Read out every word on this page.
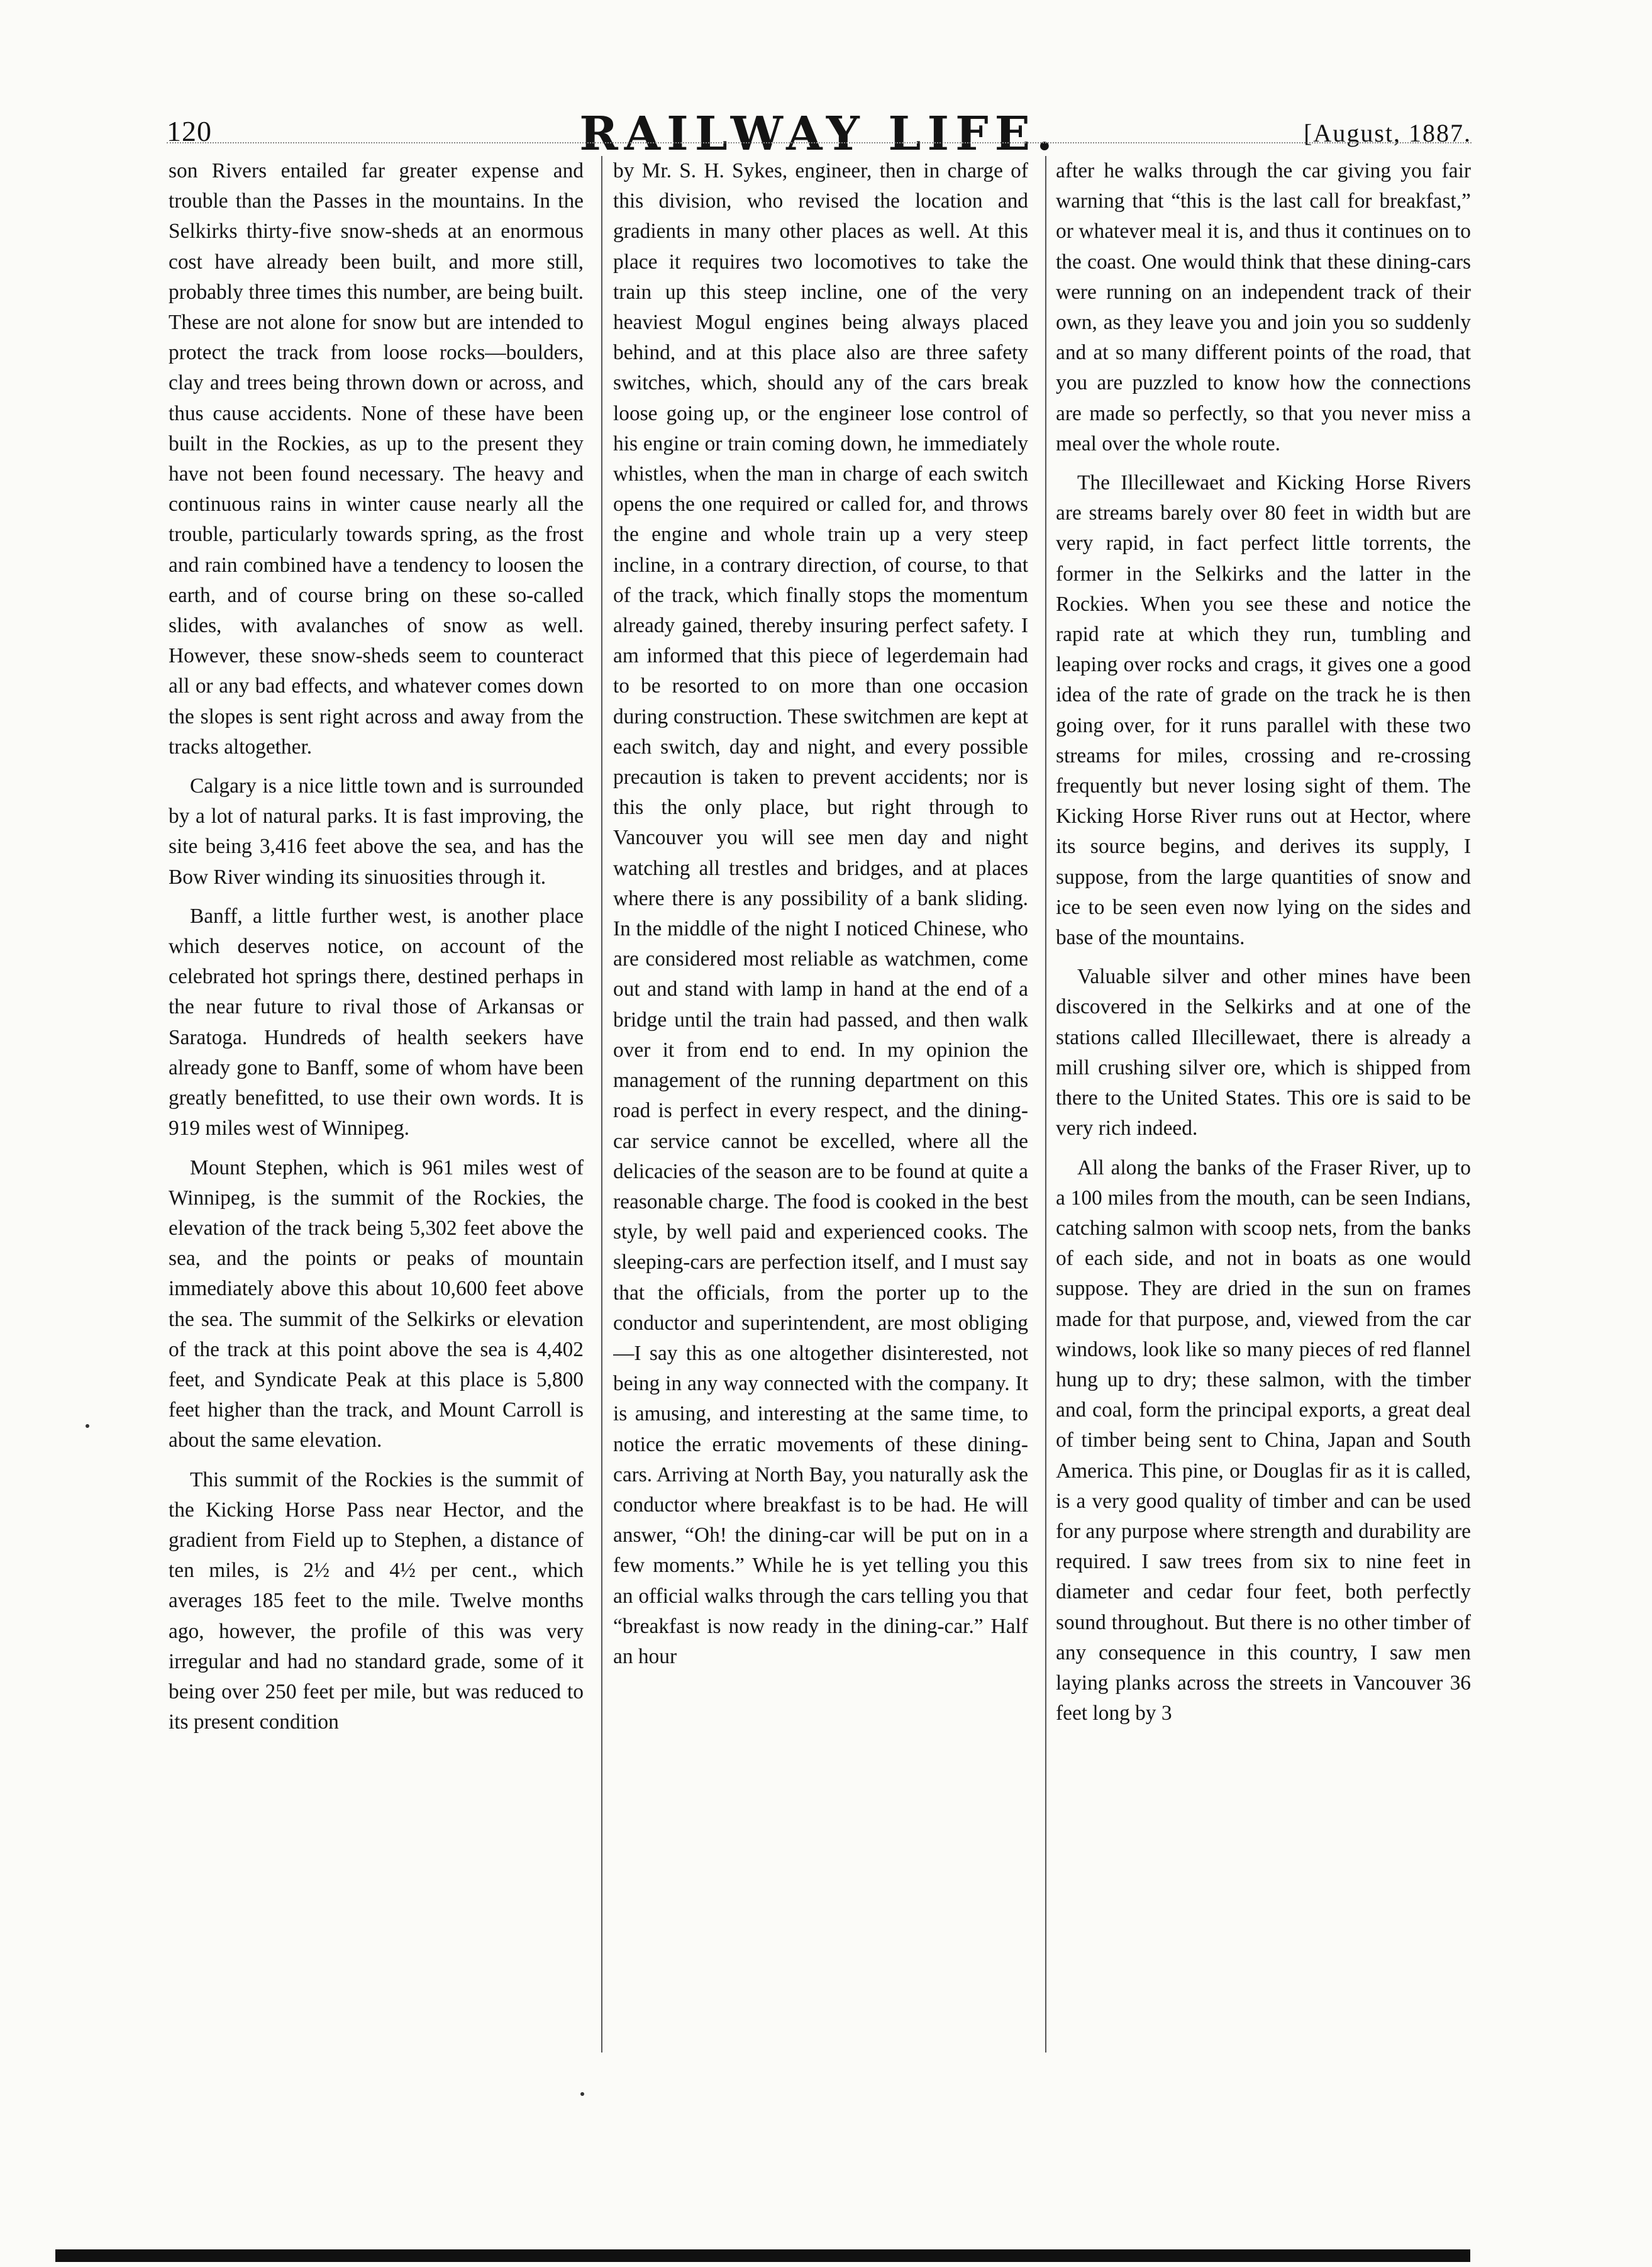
120	RAILWAY LIFE.	[August, 1887.

son Rivers entailed far greater expense and trouble than the Passes in the mountains. In the Selkirks thirty-five snow-sheds at an enormous cost have already been built, and more still, probably three times this number, are being built. These are not alone for snow but are intended to protect the track from loose rocks—boulders, clay and trees being thrown down or across, and thus cause accidents. None of these have been built in the Rockies, as up to the present they have not been found necessary. The heavy and continuous rains in winter cause nearly all the trouble, particularly towards spring, as the frost and rain combined have a tendency to loosen the earth, and of course bring on these so-called slides, with avalanches of snow as well. However, these snow-sheds seem to counteract all or any bad effects, and whatever comes down the slopes is sent right across and away from the tracks altogether.

Calgary is a nice little town and is surrounded by a lot of natural parks. It is fast improving, the site being 3,416 feet above the sea, and has the Bow River winding its sinuosities through it.

Banff, a little further west, is another place which deserves notice, on account of the celebrated hot springs there, destined perhaps in the near future to rival those of Arkansas or Saratoga. Hundreds of health seekers have already gone to Banff, some of whom have been greatly benefitted, to use their own words. It is 919 miles west of Winnipeg.

Mount Stephen, which is 961 miles west of Winnipeg, is the summit of the Rockies, the elevation of the track being 5,302 feet above the sea, and the points or peaks of mountain immediately above this about 10,600 feet above the sea. The summit of the Selkirks or elevation of the track at this point above the sea is 4,402 feet, and Syndicate Peak at this place is 5,800 feet higher than the track, and Mount Carroll is about the same elevation.

This summit of the Rockies is the summit of the Kicking Horse Pass near Hector, and the gradient from Field up to Stephen, a distance of ten miles, is 2½ and 4½ per cent., which averages 185 feet to the mile. Twelve months ago, however, the profile of this was very irregular and had no standard grade, some of it being over 250 feet per mile, but was reduced to its present condition

by Mr. S. H. Sykes, engineer, then in charge of this division, who revised the location and gradients in many other places as well. At this place it requires two locomotives to take the train up this steep incline, one of the very heaviest Mogul engines being always placed behind, and at this place also are three safety switches, which, should any of the cars break loose going up, or the engineer lose control of his engine or train coming down, he immediately whistles, when the man in charge of each switch opens the one required or called for, and throws the engine and whole train up a very steep incline, in a contrary direction, of course, to that of the track, which finally stops the momentum already gained, thereby insuring perfect safety. I am informed that this piece of legerdemain had to be resorted to on more than one occasion during construction. These switchmen are kept at each switch, day and night, and every possible precaution is taken to prevent accidents; nor is this the only place, but right through to Vancouver you will see men day and night watching all trestles and bridges, and at places where there is any possibility of a bank sliding. In the middle of the night I noticed Chinese, who are considered most reliable as watchmen, come out and stand with lamp in hand at the end of a bridge until the train had passed, and then walk over it from end to end. In my opinion the management of the running department on this road is perfect in every respect, and the dining-car service cannot be excelled, where all the delicacies of the season are to be found at quite a reasonable charge. The food is cooked in the best style, by well paid and experienced cooks. The sleeping-cars are perfection itself, and I must say that the officials, from the porter up to the conductor and superintendent, are most obliging—I say this as one altogether disinterested, not being in any way connected with the company. It is amusing, and interesting at the same time, to notice the erratic movements of these dining-cars. Arriving at North Bay, you naturally ask the conductor where breakfast is to be had. He will answer, “Oh! the dining-car will be put on in a few moments.” While he is yet telling you this an official walks through the cars telling you that “breakfast is now ready in the dining-car.” Half an hour

after he walks through the car giving you fair warning that “this is the last call for breakfast,” or whatever meal it is, and thus it continues on to the coast. One would think that these dining-cars were running on an independent track of their own, as they leave you and join you so suddenly and at so many different points of the road, that you are puzzled to know how the connections are made so perfectly, so that you never miss a meal over the whole route.

The Illecillewaet and Kicking Horse Rivers are streams barely over 80 feet in width but are very rapid, in fact perfect little torrents, the former in the Selkirks and the latter in the Rockies. When you see these and notice the rapid rate at which they run, tumbling and leaping over rocks and crags, it gives one a good idea of the rate of grade on the track he is then going over, for it runs parallel with these two streams for miles, crossing and re-crossing frequently but never losing sight of them. The Kicking Horse River runs out at Hector, where its source begins, and derives its supply, I suppose, from the large quantities of snow and ice to be seen even now lying on the sides and base of the mountains.

Valuable silver and other mines have been discovered in the Selkirks and at one of the stations called Illecillewaet, there is already a mill crushing silver ore, which is shipped from there to the United States. This ore is said to be very rich indeed.

All along the banks of the Fraser River, up to a 100 miles from the mouth, can be seen Indians, catching salmon with scoop nets, from the banks of each side, and not in boats as one would suppose. They are dried in the sun on frames made for that purpose, and, viewed from the car windows, look like so many pieces of red flannel hung up to dry; these salmon, with the timber and coal, form the principal exports, a great deal of timber being sent to China, Japan and South America. This pine, or Douglas fir as it is called, is a very good quality of timber and can be used for any purpose where strength and durability are required. I saw trees from six to nine feet in diameter and cedar four feet, both perfectly sound throughout. But there is no other timber of any consequence in this country, I saw men laying planks across the streets in Vancouver 36 feet long by 3
